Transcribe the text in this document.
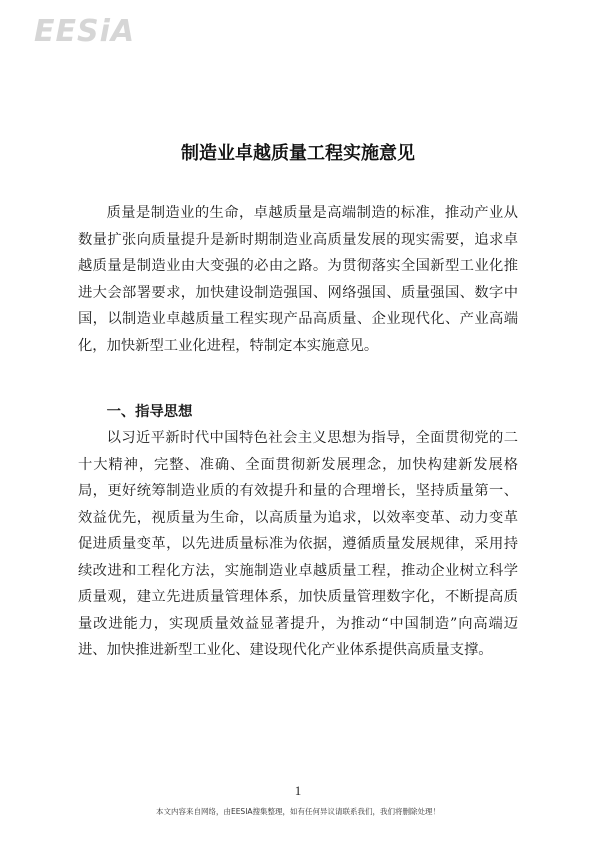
EESiA
制造业卓越质量工程实施意见

质量是制造业的生命，卓越质量是高端制造的标准，推动产业从数量扩张向质量提升是新时期制造业高质量发展的现实需要，追求卓越质量是制造业由大变强的必由之路。为贯彻落实全国新型工业化推进大会部署要求，加快建设制造强国、网络强国、质量强国、数字中国，以制造业卓越质量工程实现产品高质量、企业现代化、产业高端化，加快新型工业化进程，特制定本实施意见。

一、指导思想

以习近平新时代中国特色社会主义思想为指导，全面贯彻党的二十大精神，完整、准确、全面贯彻新发展理念，加快构建新发展格局，更好统筹制造业质的有效提升和量的合理增长，坚持质量第一、效益优先，视质量为生命，以高质量为追求，以效率变革、动力变革促进质量变革，以先进质量标准为依据，遵循质量发展规律，采用持续改进和工程化方法，实施制造业卓越质量工程，推动企业树立科学质量观，建立先进质量管理体系，加快质量管理数字化，不断提高质量改进能力，实现质量效益显著提升，为推动“中国制造”向高端迈进、加快推进新型工业化、建设现代化产业体系提供高质量支撑。

1
本文内容来自网络，由EESIA搜集整理，如有任何异议请联系我们，我们将删除处理！
